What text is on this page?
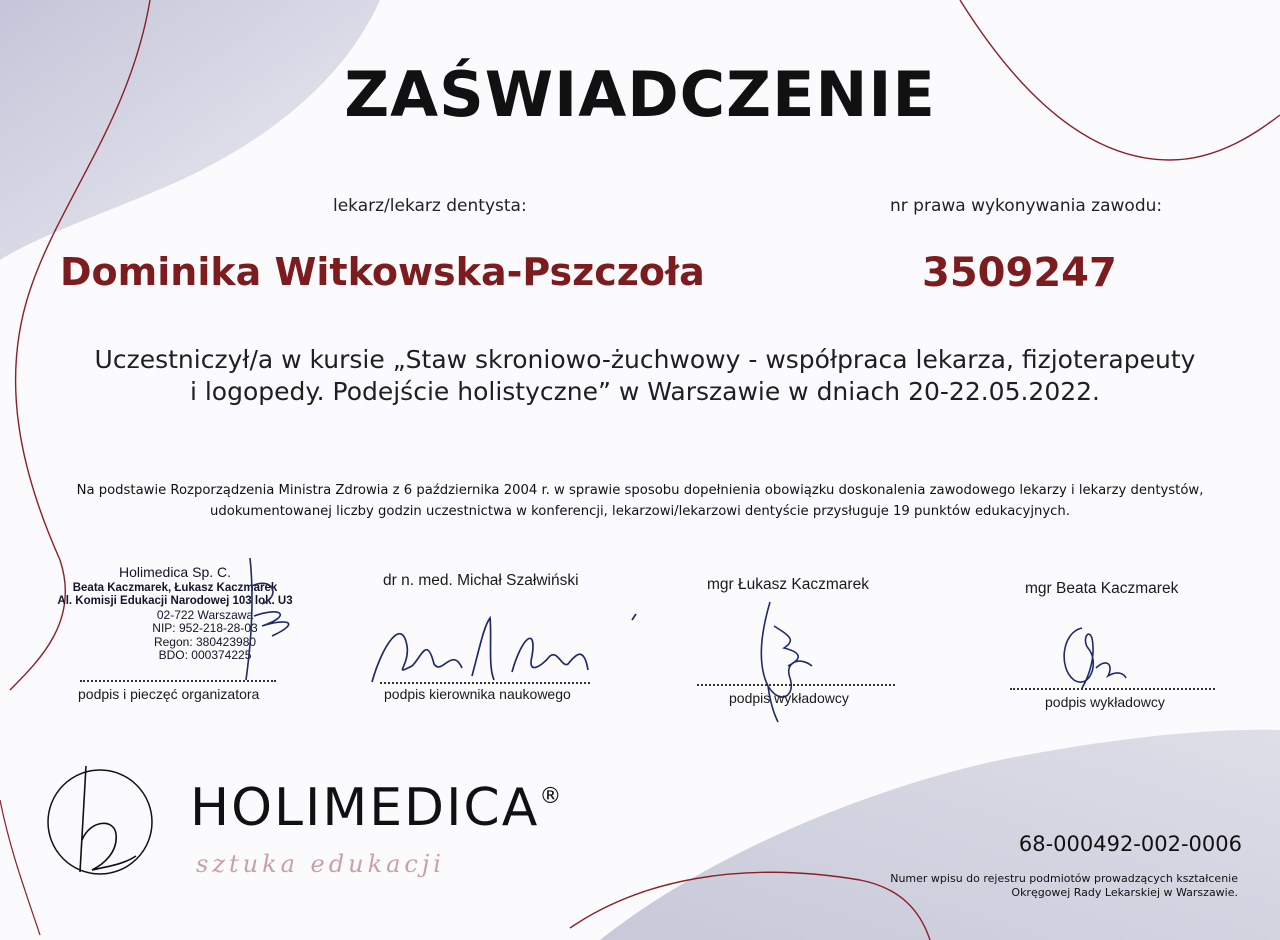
ZAŚWIADCZENIE
lekarz/lekarz dentysta:	nr prawa wykonywania zawodu:
Dominika Witkowska-Pszczoła	3509247
Uczestniczył/a w kursie „Staw skroniowo-żuchwowy - współpraca lekarza, fizjoterapeuty
i logopedy. Podejście holistyczne” w Warszawie w dniach 20-22.05.2022.
Na podstawie Rozporządzenia Ministra Zdrowia z 6 października 2004 r. w sprawie sposobu dopełnienia obowiązku doskonalenia zawodowego lekarzy i lekarzy dentystów,
udokumentowanej liczby godzin uczestnictwa w konferencji, lekarzowi/lekarzowi dentyście przysługuje 19 punktów edukacyjnych.
Holimedica Sp. C.
Beata Kaczmarek, Łukasz Kaczmarek
Al. Komisji Edukacji Narodowej 103 lok. U3
02-722 Warszawa
NIP: 952-218-28-03
Regon: 380423980
BDO: 000374225
podpis i pieczęć organizatora
dr n. med. Michał Szałwiński
podpis kierownika naukowego
mgr Łukasz Kaczmarek
podpis wykładowcy
mgr Beata Kaczmarek
podpis wykładowcy
HOLIMEDICA®
sztuka edukacji
68-000492-002-0006
Numer wpisu do rejestru podmiotów prowadzących kształcenie Okręgowej Rady Lekarskiej w Warszawie.
